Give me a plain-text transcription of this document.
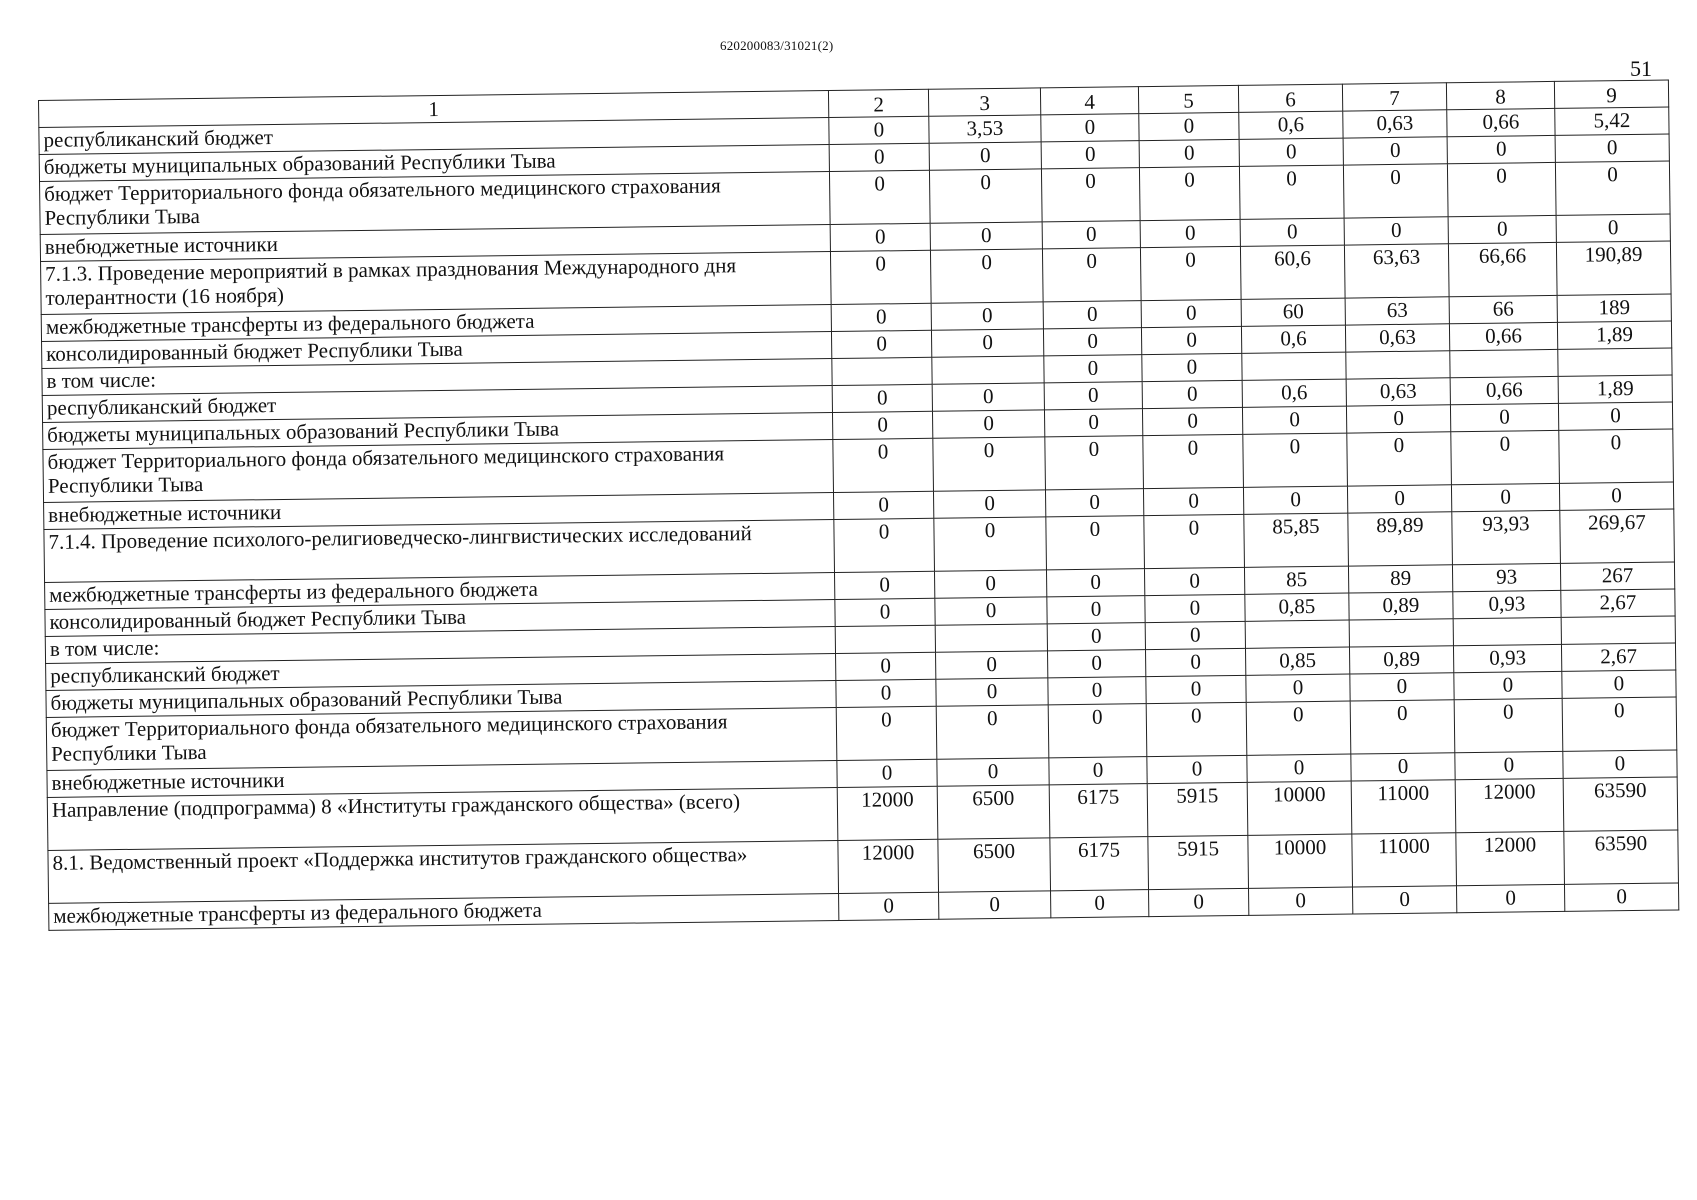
620200083/31021(2)
51
1	2	3	4	5	6	7	8	9
республиканский бюджет	0	3,53	0	0	0,6	0,63	0,66	5,42
бюджеты муниципальных образований Республики Тыва	0	0	0	0	0	0	0	0
бюджет Территориального фонда обязательного медицинского страхования Республики Тыва	0	0	0	0	0	0	0	0
внебюджетные источники	0	0	0	0	0	0	0	0
7.1.3. Проведение мероприятий в рамках празднования Международного дня толерантности (16 ноября)	0	0	0	0	60,6	63,63	66,66	190,89
межбюджетные трансферты из федерального бюджета	0	0	0	0	60	63	66	189
консолидированный бюджет Республики Тыва	0	0	0	0	0,6	0,63	0,66	1,89
в том числе:			0	0				
республиканский бюджет	0	0	0	0	0,6	0,63	0,66	1,89
бюджеты муниципальных образований Республики Тыва	0	0	0	0	0	0	0	0
бюджет Территориального фонда обязательного медицинского страхования Республики Тыва	0	0	0	0	0	0	0	0
внебюджетные источники	0	0	0	0	0	0	0	0
7.1.4. Проведение психолого-религиоведческо-лингвистических исследований	0	0	0	0	85,85	89,89	93,93	269,67
межбюджетные трансферты из федерального бюджета	0	0	0	0	85	89	93	267
консолидированный бюджет Республики Тыва	0	0	0	0	0,85	0,89	0,93	2,67
в том числе:			0	0				
республиканский бюджет	0	0	0	0	0,85	0,89	0,93	2,67
бюджеты муниципальных образований Республики Тыва	0	0	0	0	0	0	0	0
бюджет Территориального фонда обязательного медицинского страхования Республики Тыва	0	0	0	0	0	0	0	0
внебюджетные источники	0	0	0	0	0	0	0	0
Направление (подпрограмма) 8 «Институты гражданского общества» (всего)	12000	6500	6175	5915	10000	11000	12000	63590
8.1. Ведомственный проект «Поддержка институтов гражданского общества»	12000	6500	6175	5915	10000	11000	12000	63590
межбюджетные трансферты из федерального бюджета	0	0	0	0	0	0	0	0
